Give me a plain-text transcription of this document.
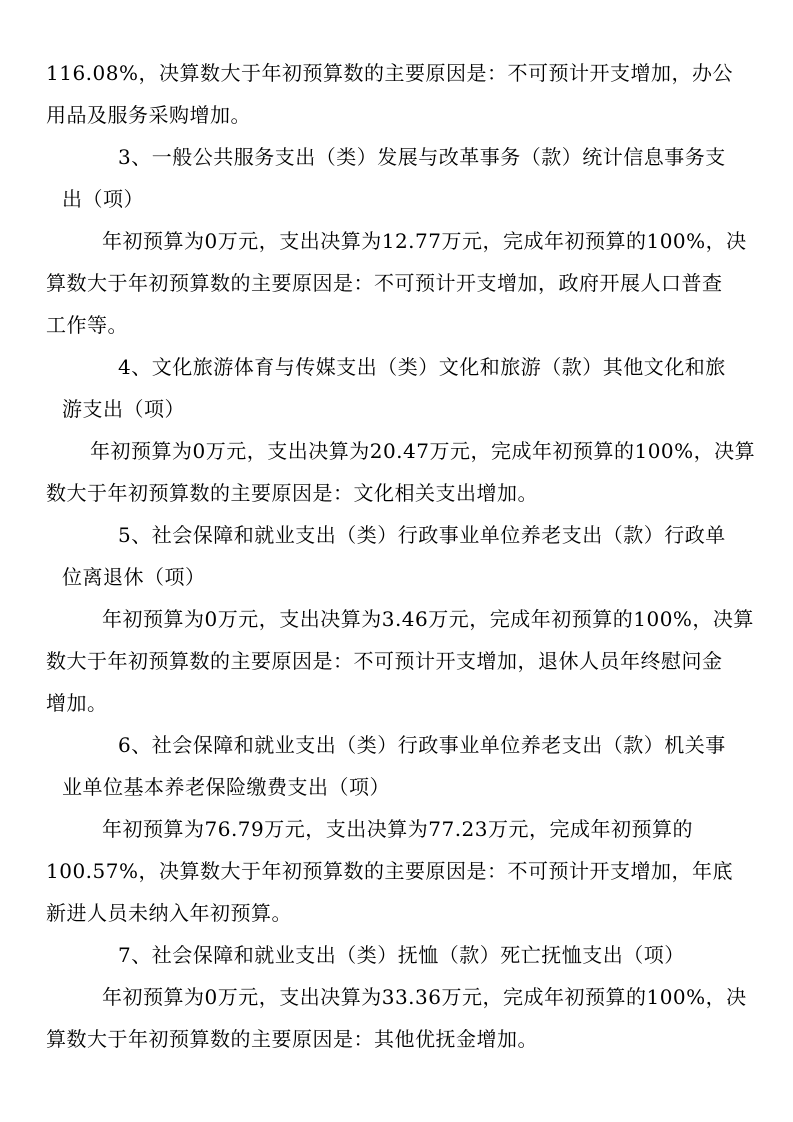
116.08%，决算数大于年初预算数的主要原因是：不可预计开支增加，办公
用品及服务采购增加。
3、一般公共服务支出（类）发展与改革事务（款）统计信息事务支
出（项）
年初预算为0万元，支出决算为12.77万元，完成年初预算的100%，决
算数大于年初预算数的主要原因是：不可预计开支增加，政府开展人口普查
工作等。
4、文化旅游体育与传媒支出（类）文化和旅游（款）其他文化和旅
游支出（项）
年初预算为0万元，支出决算为20.47万元，完成年初预算的100%，决算
数大于年初预算数的主要原因是：文化相关支出增加。
5、社会保障和就业支出（类）行政事业单位养老支出（款）行政单
位离退休（项）
年初预算为0万元，支出决算为3.46万元，完成年初预算的100%，决算
数大于年初预算数的主要原因是：不可预计开支增加，退休人员年终慰问金
增加。
6、社会保障和就业支出（类）行政事业单位养老支出（款）机关事
业单位基本养老保险缴费支出（项）
年初预算为76.79万元，支出决算为77.23万元，完成年初预算的
100.57%，决算数大于年初预算数的主要原因是：不可预计开支增加，年底
新进人员未纳入年初预算。
7、社会保障和就业支出（类）抚恤（款）死亡抚恤支出（项）
年初预算为0万元，支出决算为33.36万元，完成年初预算的100%，决
算数大于年初预算数的主要原因是：其他优抚金增加。
